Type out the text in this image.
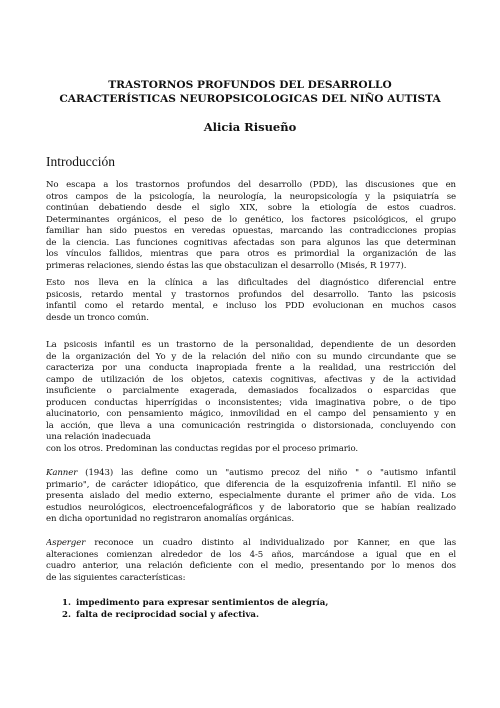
TRASTORNOS PROFUNDOS DEL DESARROLLO
CARACTERÍSTICAS NEUROPSICOLOGICAS DEL NIÑO AUTISTA
Alicia Risueño
Introducción
No escapa a los trastornos profundos del desarrollo (PDD), las discusiones que en
otros campos de la psicología, la neurología, la neuropsicología y la psiquiatría se
continúan debatiendo desde el siglo XIX, sobre la etiología de estos cuadros.
Determinantes orgánicos, el peso de lo genético, los factores psicológicos, el grupo
familiar han sido puestos en veredas opuestas, marcando las contradicciones propias
de la ciencia. Las funciones cognitivas afectadas son para algunos las que determinan
los vínculos fallidos, mientras que para otros es primordial la organización de las
primeras relaciones, siendo éstas las que obstaculizan el desarrollo (Misés, R 1977).
Esto nos lleva en la clínica a las dificultades del diagnóstico diferencial entre
psicosis, retardo mental y trastornos profundos del desarrollo. Tanto las psicosis
infantil como el retardo mental, e incluso los PDD evolucionan en muchos casos
desde un tronco común.
La psicosis infantil es un trastorno de la personalidad, dependiente de un desorden
de la organización del Yo y de la relación del niño con su mundo circundante que se
caracteriza por una conducta inapropiada frente a la realidad, una restricción del
campo de utilización de los objetos, catexis cognitivas, afectivas y de la actividad
insuficiente o parcialmente exagerada, demasiados focalizados o esparcidas que
producen conductas hiperrígidas o inconsistentes; vida imaginativa pobre, o de tipo
alucinatorio, con pensamiento mágico, inmovilidad en el campo del pensamiento y en
la acción, que lleva a una comunicación restringida o distorsionada, concluyendo con
una relación inadecuada
con los otros. Predominan las conductas regidas por el proceso primario.
Kanner (1943) las define como un "autismo precoz del niño " o "autismo infantil
primario", de carácter idiopático, que diferencia de la esquizofrenia infantil. El niño se
presenta aislado del medio externo, especialmente durante el primer año de vida. Los
estudios neurológicos, electroencefalográficos y de laboratorio que se habían realizado
en dicha oportunidad no registraron anomalías orgánicas.
Asperger reconoce un cuadro distinto al individualizado por Kanner, en que las
alteraciones comienzan alrededor de los 4-5 años, marcándose a igual que en el
cuadro anterior, una relación deficiente con el medio, presentando por lo menos dos
de las siguientes características:
1. impedimento para expresar sentimientos de alegría,
2. falta de reciprocidad social y afectiva.
